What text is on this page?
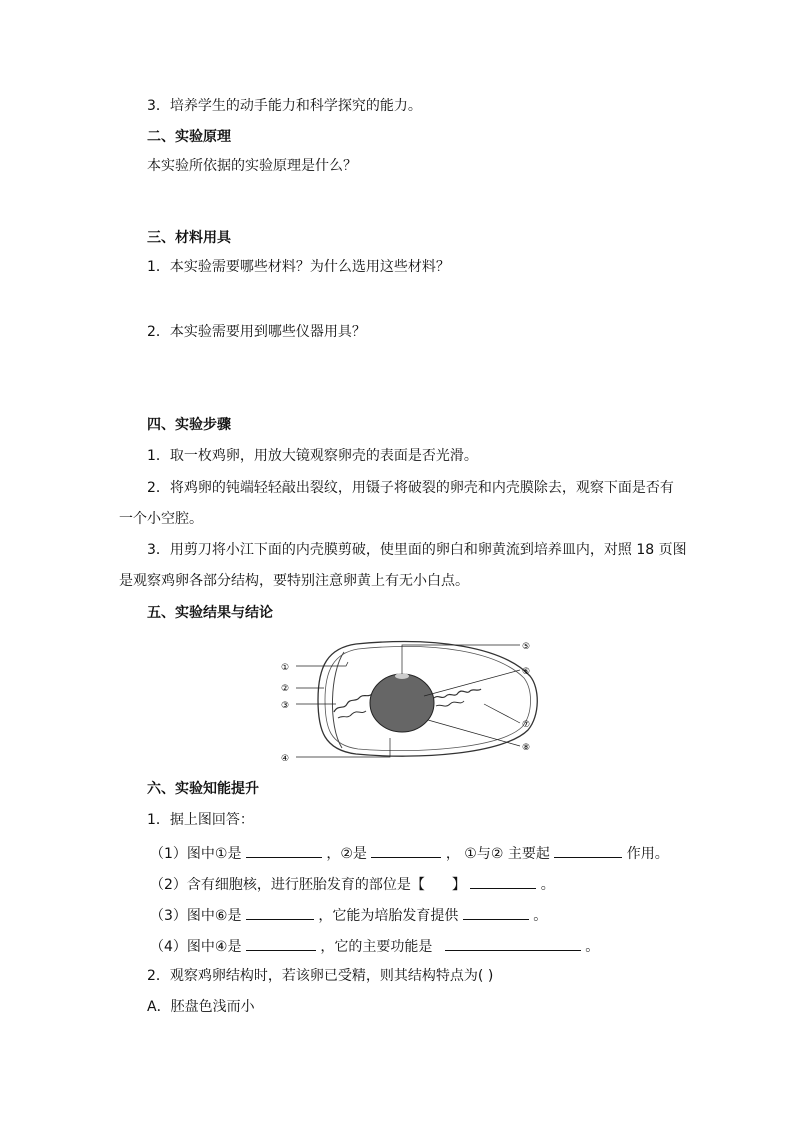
3．培养学生的动手能力和科学探究的能力。
二、实验原理
本实验所依据的实验原理是什么？
三、材料用具
1．本实验需要哪些材料？为什么选用这些材料？
2．本实验需要用到哪些仪器用具？
四、实验步骤
1．取一枚鸡卵，用放大镜观察卵壳的表面是否光滑。
2．将鸡卵的钝端轻轻敲出裂纹，用镊子将破裂的卵壳和内壳膜除去，观察下面是否有
一个小空腔。
3．用剪刀将小江下面的内壳膜剪破，使里面的卵白和卵黄流到培养皿内，对照 18 页图
是观察鸡卵各部分结构，要特别注意卵黄上有无小白点。
五、实验结果与结论
①
②
③
④
⑤
⑥
⑦
⑧
六、实验知能提升
1．据上图回答：
（1）图中①是	，②是	， ①与② 主要起	作用。
（2）含有细胞核，进行胚胎发育的部位是【 】	。
（3）图中⑥是	，它能为培胎发育提供	。
（4）图中④是	，它的主要功能是	。
2．观察鸡卵结构时，若该卵已受精，则其结构特点为( )
A．胚盘色浅而小
